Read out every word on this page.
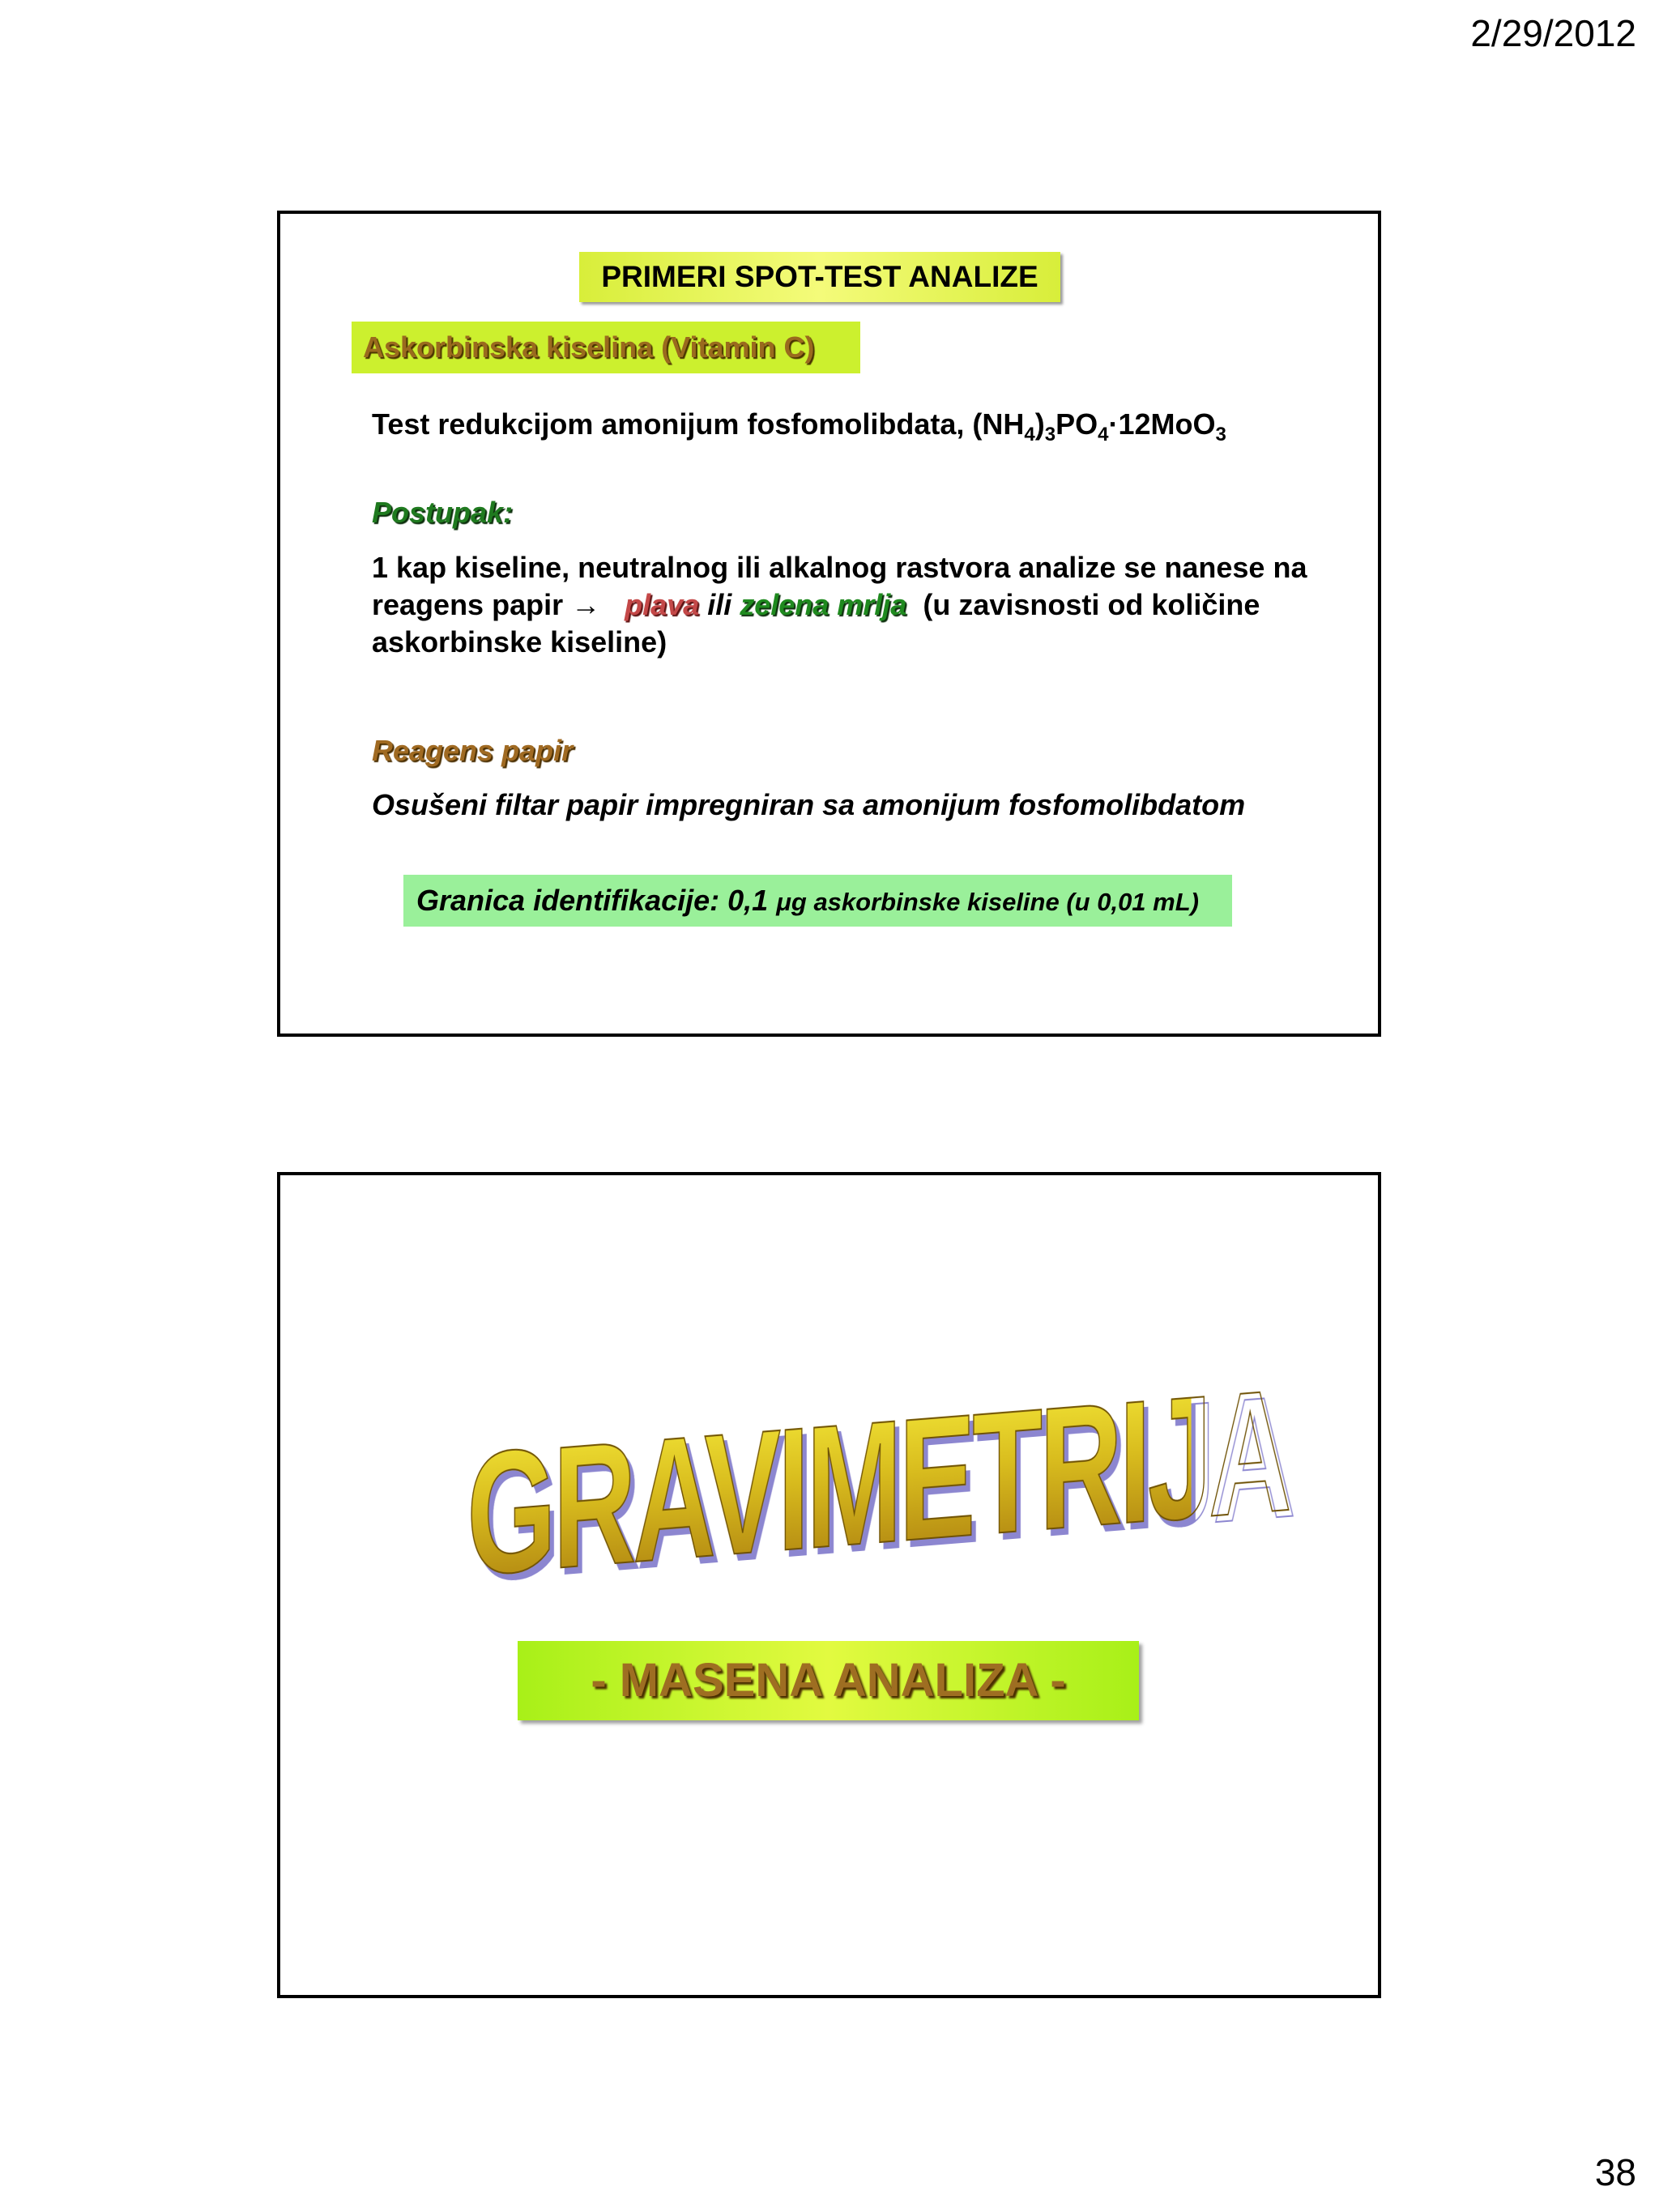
2/29/2012
PRIMERI SPOT-TEST ANALIZE
Askorbinska kiselina (Vitamin C)
Test redukcijom amonijum fosfomolibdata, $(NH_4)_3PO_4\cdot 12MoO_3$
Postupak:
1 kap kiseline, neutralnog ili alkalnog rastvora analize se nanese na reagens papir → plava ili zelena mrlja (u zavisnosti od količine askorbinske kiseline)
Reagens papir
Osušeni filtar papir impregniran sa amonijum fosfomolibdatom
Granica identifikacije: 0,1 μg askorbinske kiseline (u 0,01 mL)
GRAVIMETRIJA
- MASENA ANALIZA -
38
